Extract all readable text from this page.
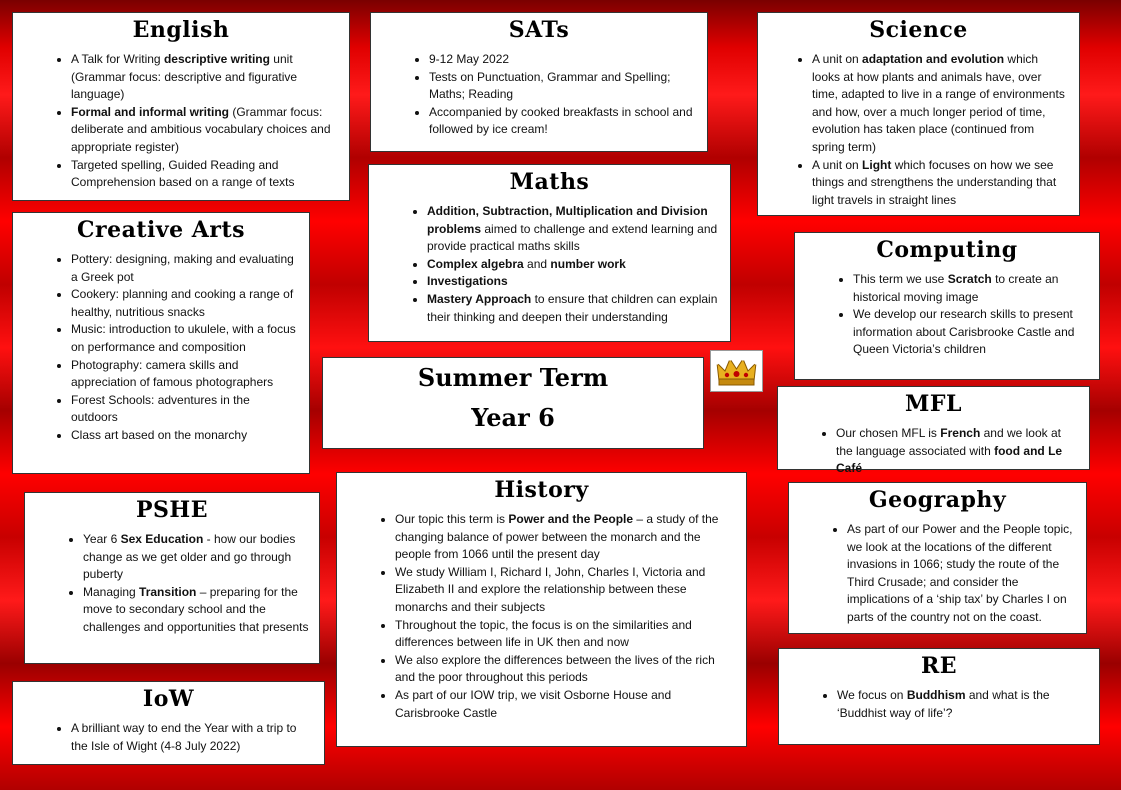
English
• A Talk for Writing descriptive writing unit (Grammar focus: descriptive and figurative language)
• Formal and informal writing (Grammar focus: deliberate and ambitious vocabulary choices and appropriate register)
• Targeted spelling, Guided Reading and Comprehension based on a range of texts
SATs
• 9-12 May 2022
• Tests on Punctuation, Grammar and Spelling; Maths; Reading
• Accompanied by cooked breakfasts in school and followed by ice cream!
Science
• A unit on adaptation and evolution which looks at how plants and animals have, over time, adapted to live in a range of environments and how, over a much longer period of time, evolution has taken place (continued from spring term)
• A unit on Light which focuses on how we see things and strengthens the understanding that light travels in straight lines
Maths
• Addition, Subtraction, Multiplication and Division problems aimed to challenge and extend learning and provide practical maths skills
• Complex algebra and number work
• Investigations
• Mastery Approach to ensure that children can explain their thinking and deepen their understanding
Creative Arts
• Pottery: designing, making and evaluating a Greek pot
• Cookery: planning and cooking a range of healthy, nutritious snacks
• Music: introduction to ukulele, with a focus on performance and composition
• Photography: camera skills and appreciation of famous photographers
• Forest Schools: adventures in the outdoors
• Class art based on the monarchy
Computing
• This term we use Scratch to create an historical moving image
• We develop our research skills to present information about Carisbrooke Castle and Queen Victoria’s children
Summer Term
Year 6	MFL
• Our chosen MFL is French and we look at the language associated with food and Le Café
PSHE
• Year 6 Sex Education - how our bodies change as we get older and go through puberty
• Managing Transition – preparing for the move to secondary school and the challenges and opportunities that presents
History
• Our topic this term is Power and the People – a study of the changing balance of power between the monarch and the people from 1066 until the present day
• We study William I, Richard I, John, Charles I, Victoria and Elizabeth II and explore the relationship between these monarchs and their subjects
• Throughout the topic, the focus is on the similarities and differences between life in UK then and now
• We also explore the differences between the lives of the rich and the poor throughout this periods
• As part of our IOW trip, we visit Osborne House and Carisbrooke Castle
Geography
• As part of our Power and the People topic, we look at the locations of the different invasions in 1066; study the route of the Third Crusade; and consider the implications of a ‘ship tax’ by Charles I on parts of the country not on the coast.
IoW
• A brilliant way to end the Year with a trip to the Isle of Wight (4-8 July 2022)
RE
• We focus on Buddhism and what is the ‘Buddhist way of life’?
